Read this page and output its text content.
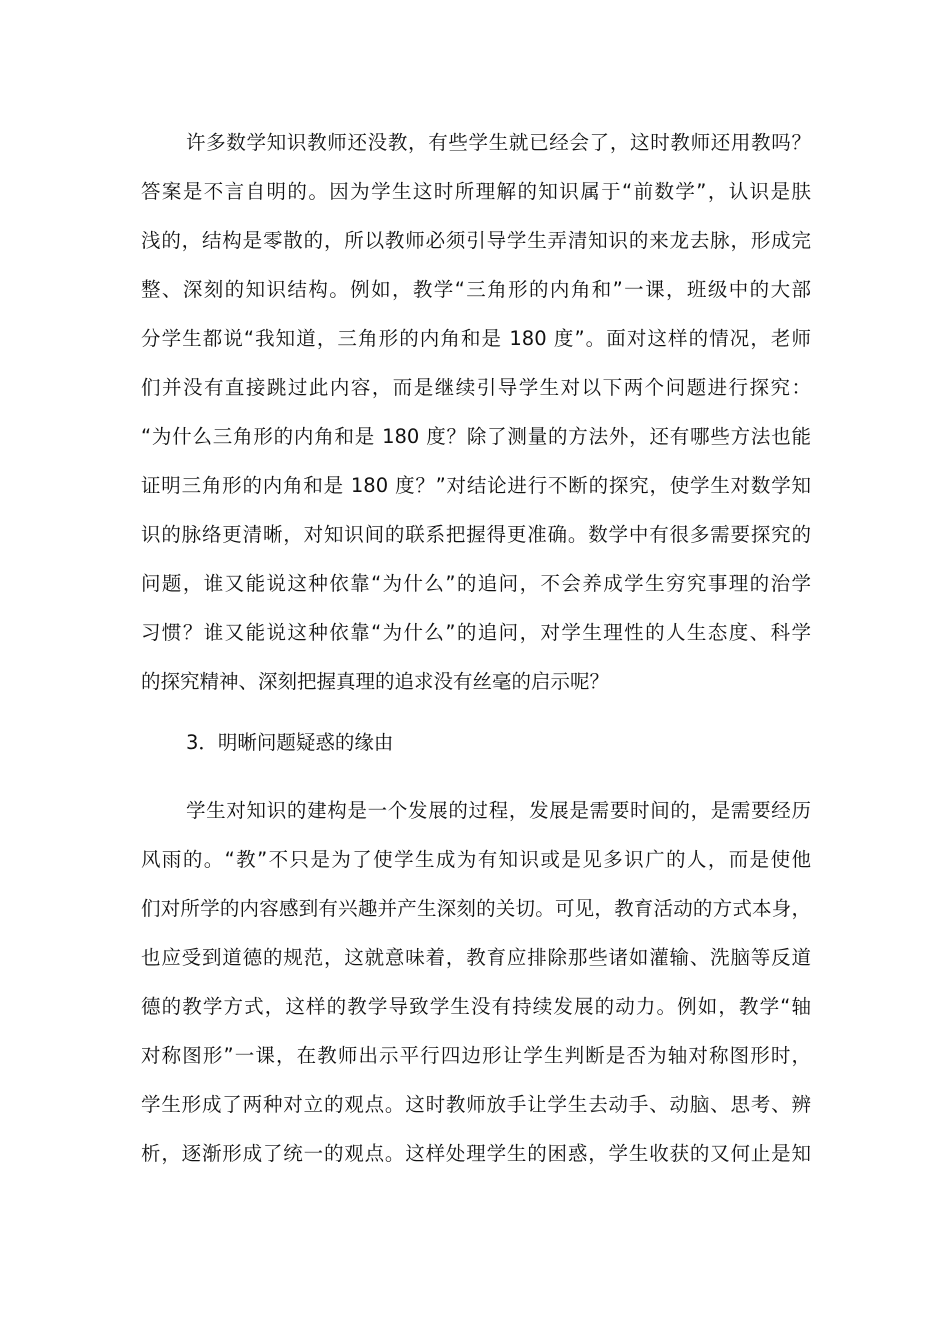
许多数学知识教师还没教，有些学生就已经会了，这时教师还用教吗？
答案是不言自明的。因为学生这时所理解的知识属于“前数学”，认识是肤
浅的，结构是零散的，所以教师必须引导学生弄清知识的来龙去脉，形成完
整、深刻的知识结构。例如，教学“三角形的内角和”一课，班级中的大部
分学生都说“我知道，三角形的内角和是 180 度”。面对这样的情况，老师
们并没有直接跳过此内容，而是继续引导学生对以下两个问题进行探究：
“为什么三角形的内角和是 180 度？除了测量的方法外，还有哪些方法也能
证明三角形的内角和是 180 度？”对结论进行不断的探究，使学生对数学知
识的脉络更清晰，对知识间的联系把握得更准确。数学中有很多需要探究的
问题，谁又能说这种依靠“为什么”的追问，不会养成学生穷究事理的治学
习惯？谁又能说这种依靠“为什么”的追问，对学生理性的人生态度、科学
的探究精神、深刻把握真理的追求没有丝毫的启示呢？
3．明晰问题疑惑的缘由
学生对知识的建构是一个发展的过程，发展是需要时间的，是需要经历
风雨的。“教”不只是为了使学生成为有知识或是见多识广的人，而是使他
们对所学的内容感到有兴趣并产生深刻的关切。可见，教育活动的方式本身，
也应受到道德的规范，这就意味着，教育应排除那些诸如灌输、洗脑等反道
德的教学方式，这样的教学导致学生没有持续发展的动力。例如，教学“轴
对称图形”一课，在教师出示平行四边形让学生判断是否为轴对称图形时，
学生形成了两种对立的观点。这时教师放手让学生去动手、动脑、思考、辨
析，逐渐形成了统一的观点。这样处理学生的困惑，学生收获的又何止是知
